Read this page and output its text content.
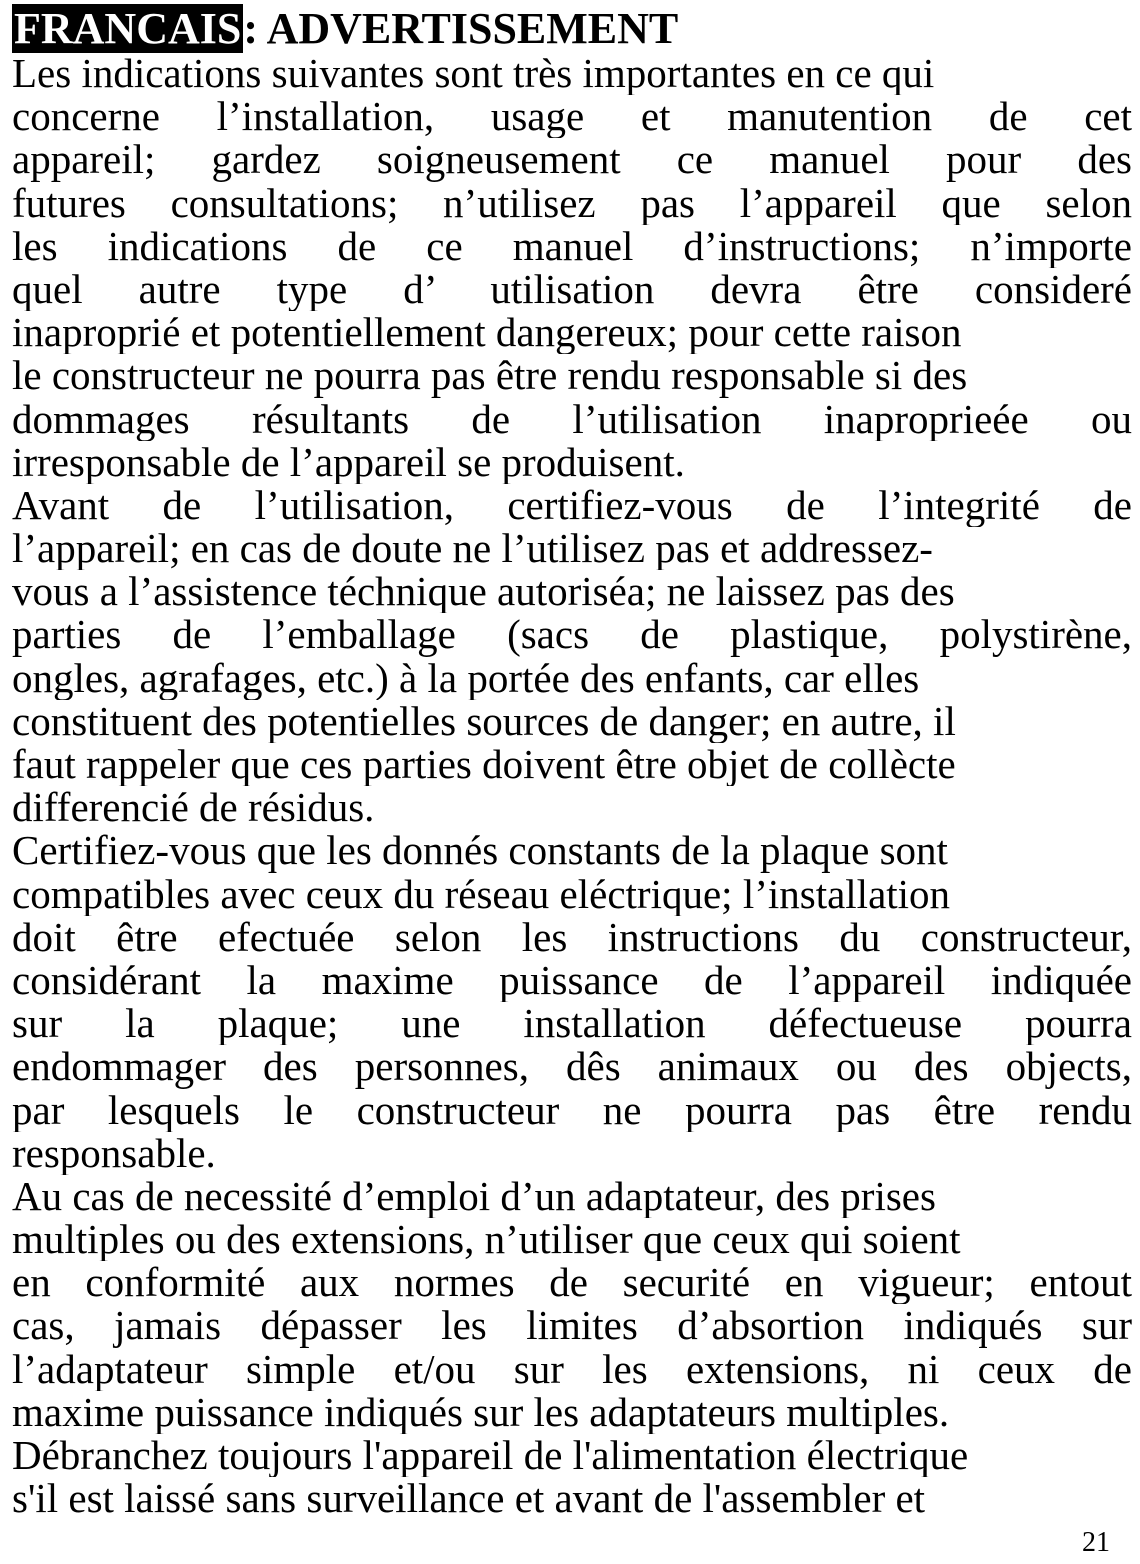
FRANCAIS: ADVERTISSEMENT
Les indications suivantes sont très importantes en ce qui
concerne l’installation, usage et manutention de cet
appareil; gardez soigneusement ce manuel pour des
futures consultations; n’utilisez pas l’appareil que selon
les indications de ce manuel d’instructions; n’importe
quel autre type d’ utilisation devra être consideré
inaproprié et potentiellement dangereux; pour cette raison
le constructeur ne pourra pas être rendu responsable si des
dommages résultants de l’utilisation inaproprieée ou
irresponsable de l’appareil se produisent.
Avant de l’utilisation, certifiez-vous de l’integrité de
l’appareil; en cas de doute ne l’utilisez pas et addressez-
vous a l’assistence téchnique autoriséa; ne laissez pas des
parties de l’emballage (sacs de plastique, polystirène,
ongles, agrafages, etc.) à la portée des enfants, car elles
constituent des potentielles sources de danger; en autre, il
faut rappeler que ces parties doivent être objet de collècte
differencié de résidus.
Certifiez-vous que les donnés constants de la plaque sont
compatibles avec ceux du réseau eléctrique; l’installation
doit être efectuée selon les instructions du constructeur,
considérant la maxime puissance de l’appareil indiquée
sur la plaque; une installation défectueuse pourra
endommager des personnes, dês animaux ou des objects,
par lesquels le constructeur ne pourra pas être rendu
responsable.
Au cas de necessité d’emploi d’un adaptateur, des prises
multiples ou des extensions, n’utiliser que ceux qui soient
en conformité aux normes de securité en vigueur; entout
cas, jamais dépasser les limites d’absortion indiqués sur
l’adaptateur simple et/ou sur les extensions, ni ceux de
maxime puissance indiqués sur les adaptateurs multiples.
Débranchez toujours l'appareil de l'alimentation électrique
s'il est laissé sans surveillance et avant de l'assembler et
21
